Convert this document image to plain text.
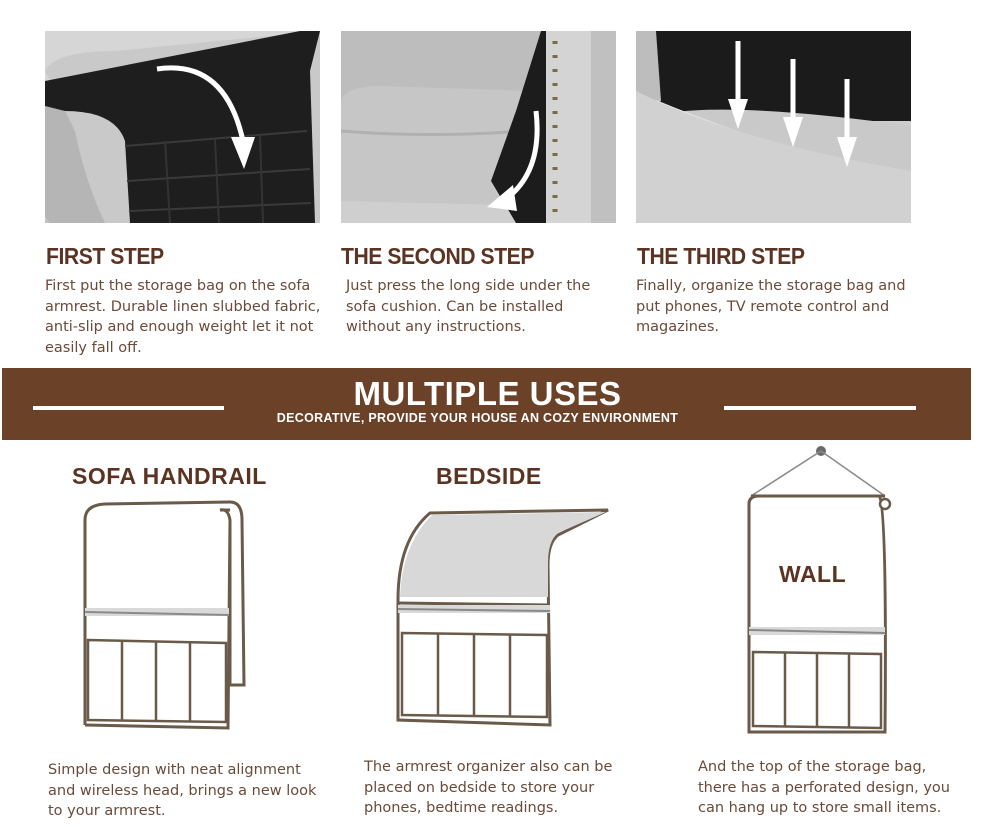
FIRST STEP
First put the storage bag on the sofa armrest. Durable linen slubbed fabric, anti-slip and enough weight let it not easily fall off.
THE SECOND STEP
Just press the long side under the sofa cushion. Can be installed without any instructions.
THE THIRD STEP
Finally, organize the storage bag and put phones, TV remote control and magazines.
MULTIPLE USES
DECORATIVE, PROVIDE YOUR HOUSE AN COZY ENVIRONMENT
SOFA HANDRAIL	BEDSIDE
WALL
Simple design with neat alignment and wireless head, brings a new look to your armrest.
The armrest organizer also can be placed on bedside to store your phones, bedtime readings.
And the top of the storage bag, there has a perforated design, you can hang up to store small items.
